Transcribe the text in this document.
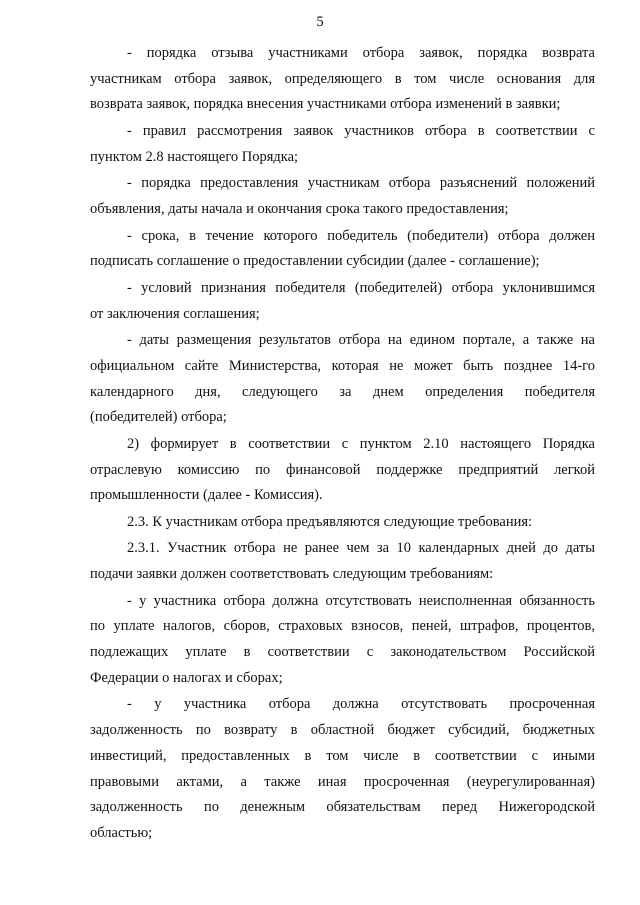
5
- порядка отзыва участниками отбора заявок, порядка возврата
участникам отбора заявок, определяющего в том числе основания для
возврата заявок, порядка внесения участниками отбора изменений в заявки;
- правил рассмотрения заявок участников отбора в соответствии с
пунктом 2.8 настоящего Порядка;
- порядка предоставления участникам отбора разъяснений положений
объявления, даты начала и окончания срока такого предоставления;
- срока, в течение которого победитель (победители) отбора должен
подписать соглашение о предоставлении субсидии (далее - соглашение);
- условий признания победителя (победителей) отбора уклонившимся
от заключения соглашения;
- даты размещения результатов отбора на едином портале, а также на
официальном сайте Министерства, которая не может быть позднее 14-го
календарного дня, следующего за днем определения победителя
(победителей) отбора;
2) формирует в соответствии с пунктом 2.10 настоящего Порядка
отраслевую комиссию по финансовой поддержке предприятий легкой
промышленности (далее - Комиссия).
2.3. К участникам отбора предъявляются следующие требования:
2.3.1. Участник отбора не ранее чем за 10 календарных дней до даты
подачи заявки должен соответствовать следующим требованиям:
- у участника отбора должна отсутствовать неисполненная обязанность
по уплате налогов, сборов, страховых взносов, пеней, штрафов, процентов,
подлежащих уплате в соответствии с законодательством Российской
Федерации о налогах и сборах;
- у участника отбора должна отсутствовать просроченная
задолженность по возврату в областной бюджет субсидий, бюджетных
инвестиций, предоставленных в том числе в соответствии с иными
правовыми актами, а также иная просроченная (неурегулированная)
задолженность по денежным обязательствам перед Нижегородской
областью;
